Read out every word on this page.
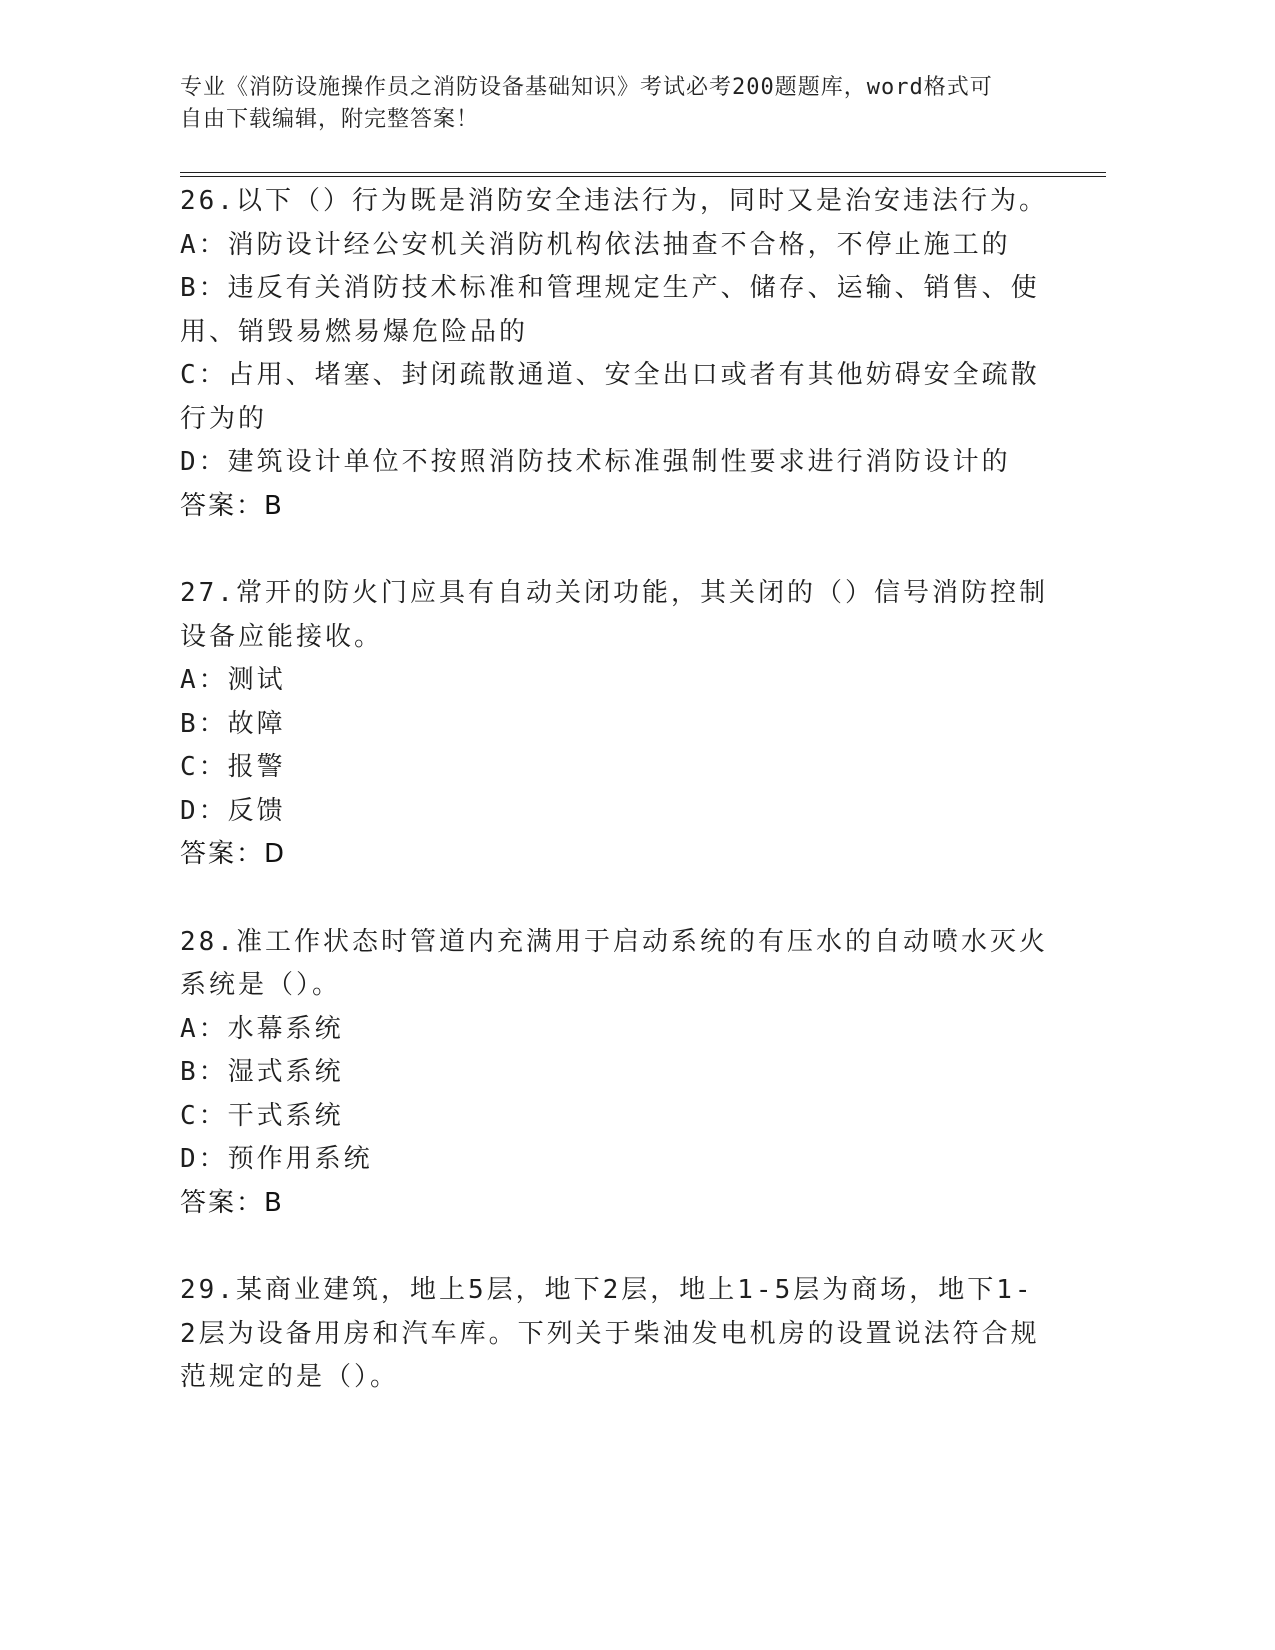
专业《消防设施操作员之消防设备基础知识》考试必考200题题库，word格式可
自由下载编辑，附完整答案！
26.以下（）行为既是消防安全违法行为，同时又是治安违法行为。
A：消防设计经公安机关消防机构依法抽查不合格，不停止施工的
B：违反有关消防技术标准和管理规定生产、储存、运输、销售、使用、销毁易燃易爆危险品的
C：占用、堵塞、封闭疏散通道、安全出口或者有其他妨碍安全疏散行为的
D：建筑设计单位不按照消防技术标准强制性要求进行消防设计的
答案：B
27.常开的防火门应具有自动关闭功能，其关闭的（）信号消防控制设备应能接收。
A：测试
B：故障
C：报警
D：反馈
答案：D
28.准工作状态时管道内充满用于启动系统的有压水的自动喷水灭火系统是（）。
A：水幕系统
B：湿式系统
C：干式系统
D：预作用系统
答案：B
29.某商业建筑，地上5层，地下2层，地上1-5层为商场，地下1-2层为设备用房和汽车库。下列关于柴油发电机房的设置说法符合规范规定的是（）。
